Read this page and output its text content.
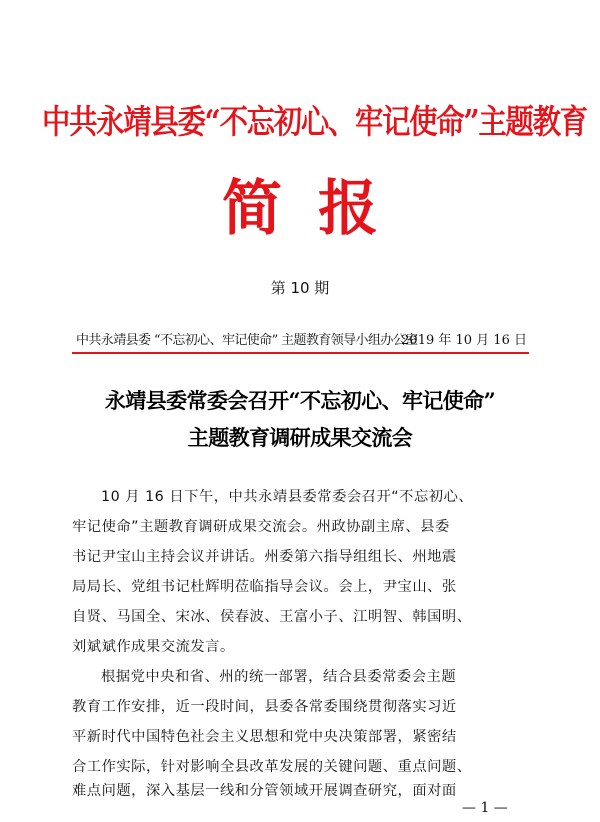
中共永靖县委“不忘初心、牢记使命”主题教育
简 报
第 10 期
中共永靖县委 “不忘初心、牢记使命” 主题教育领导小组办公室
2019 年 10 月 16 日
永靖县委常委会召开“不忘初心、牢记使命”
主题教育调研成果交流会
10 月 16 日下午，中共永靖县委常委会召开“不忘初心、
牢记使命”主题教育调研成果交流会。州政协副主席、县委
书记尹宝山主持会议并讲话。州委第六指导组组长、州地震
局局长、党组书记杜辉明莅临指导会议。会上，尹宝山、张
自贤、马国全、宋冰、侯春波、王富小子、江明智、韩国明、
刘斌斌作成果交流发言。
根据党中央和省、州的统一部署，结合县委常委会主题
教育工作安排，近一段时间，县委各常委围绕贯彻落实习近
平新时代中国特色社会主义思想和党中央决策部署，紧密结
合工作实际，针对影响全县改革发展的关键问题、重点问题、
— 1 —
难点问题，深入基层一线和分管领域开展调查研究，面对面
